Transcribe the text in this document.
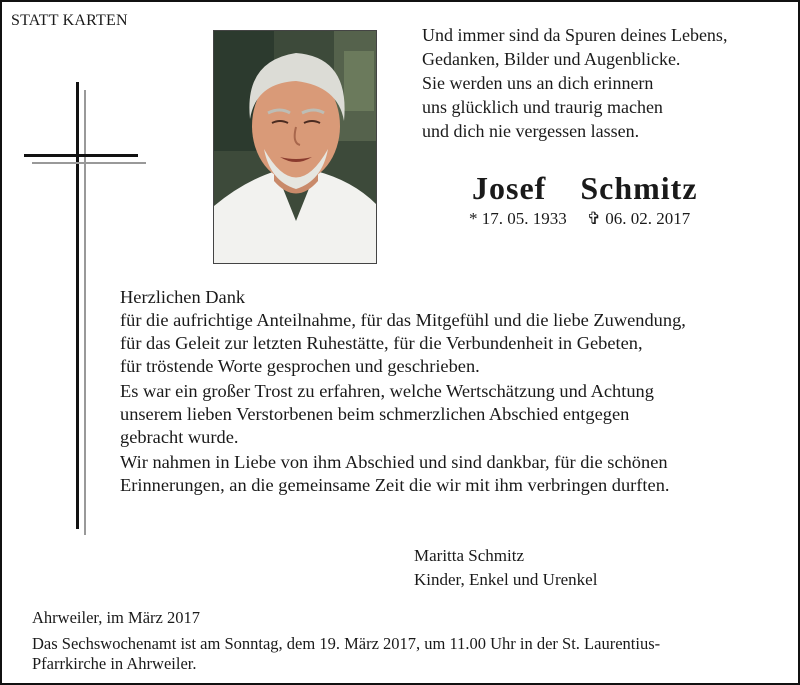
STATT KARTEN
Und immer sind da Spuren deines Lebens,
Gedanken, Bilder und Augenblicke.
Sie werden uns an dich erinnern
uns glücklich und traurig machen
und dich nie vergessen lassen.
Josef  Schmitz
* 17. 05. 1933 ✞ 06. 02. 2017

Herzlichen Dank
für die aufrichtige Anteilnahme, für das Mitgefühl und die liebe Zuwendung,
für das Geleit zur letzten Ruhestätte, für die Verbundenheit in Gebeten,
für tröstende Worte gesprochen und geschrieben.

Es war ein großer Trost zu erfahren, welche Wertschätzung und Achtung
unserem lieben Verstorbenen beim schmerzlichen Abschied entgegen
gebracht wurde.

Wir nahmen in Liebe von ihm Abschied und sind dankbar, für die schönen
Erinnerungen, an die gemeinsame Zeit die wir mit ihm verbringen durften.

Maritta Schmitz
Kinder, Enkel und Urenkel
Ahrweiler, im März 2017
Das Sechswochenamt ist am Sonntag, dem 19. März 2017, um 11.00 Uhr in der St. Laurentius-
Pfarrkirche in Ahrweiler.
